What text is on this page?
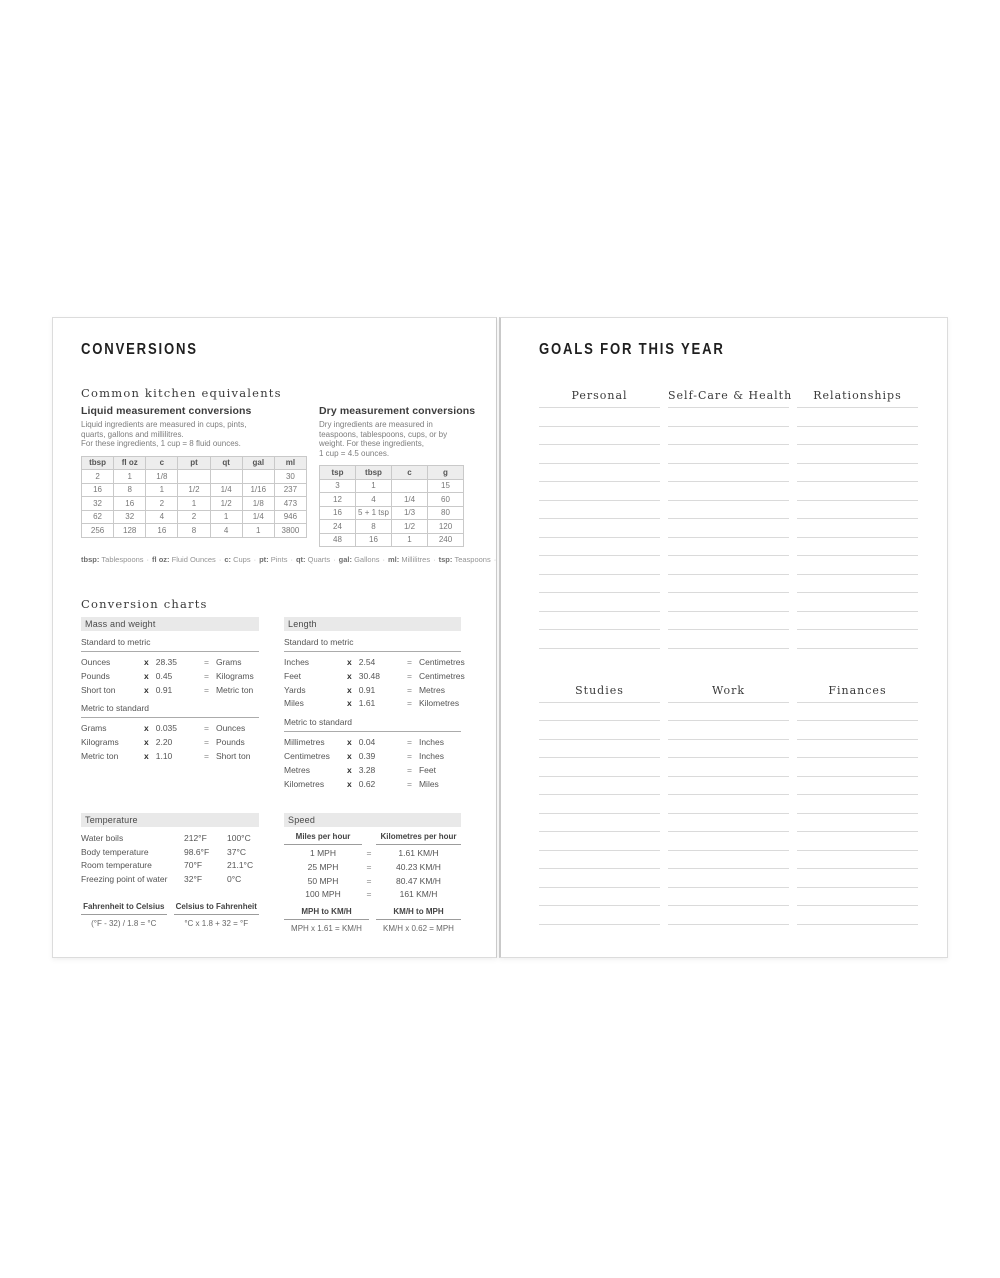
CONVERSIONS
Common kitchen equivalents
Liquid measurement conversions
Liquid ingredients are measured in cups, pints,
quarts, gallons and millilitres.
For these ingredients, 1 cup = 8 fluid ounces.
tbsp	fl oz	c	pt	qt	gal	ml
2	1	1/8				30
16	8	1	1/2	1/4	1/16	237
32	16	2	1	1/2	1/8	473
62	32	4	2	1	1/4	946
256	128	16	8	4	1	3800
Dry measurement conversions
Dry ingredients are measured in
teaspoons, tablespoons, cups, or by
weight. For these ingredients,
1 cup = 4.5 ounces.
tsp	tbsp	c	g
3	1		15
12	4	1/4	60
16	5 + 1 tsp	1/3	80
24	8	1/2	120
48	16	1	240
tbsp: Tablespoons · fl oz: Fluid Ounces · c: Cups · pt: Pints · qt: Quarts · gal: Gallons · ml: Millilitres · tsp: Teaspoons ·
Conversion charts
Mass and weight
Standard to metric
Ounces	x 28.35	= Grams
Pounds	x 0.45	= Kilograms
Short ton	x 0.91	= Metric ton
Metric to standard
Grams	x 0.035	= Ounces
Kilograms	x 2.20	= Pounds
Metric ton	x 1.10	= Short ton
Length
Standard to metric
Inches	x 2.54	= Centimetres
Feet	x 30.48	= Centimetres
Yards	x 0.91	= Metres
Miles	x 1.61	= Kilometres
Metric to standard
Millimetres	x 0.04	= Inches
Centimetres	x 0.39	= Inches
Metres	x 3.28	= Feet
Kilometres	x 0.62	= Miles
Temperature
Water boils	212°F	100°C
Body temperature	98.6°F	37°C
Room temperature	70°F	21.1°C
Freezing point of water	32°F	0°C
Fahrenheit to Celsius
(°F - 32) / 1.8 = °C
Celsius to Fahrenheit
°C x 1.8 + 32 = °F
Speed
Miles per hour	Kilometres per hour
1 MPH	=	1.61 KM/H
25 MPH	=	40.23 KM/H
50 MPH	=	80.47 KM/H
100 MPH	=	161 KM/H
MPH to KM/H
MPH x 1.61 = KM/H
KM/H to MPH
KM/H x 0.62 = MPH
GOALS FOR THIS YEAR
Personal	Self-Care & Health	Relationships
Studies	Work	Finances
